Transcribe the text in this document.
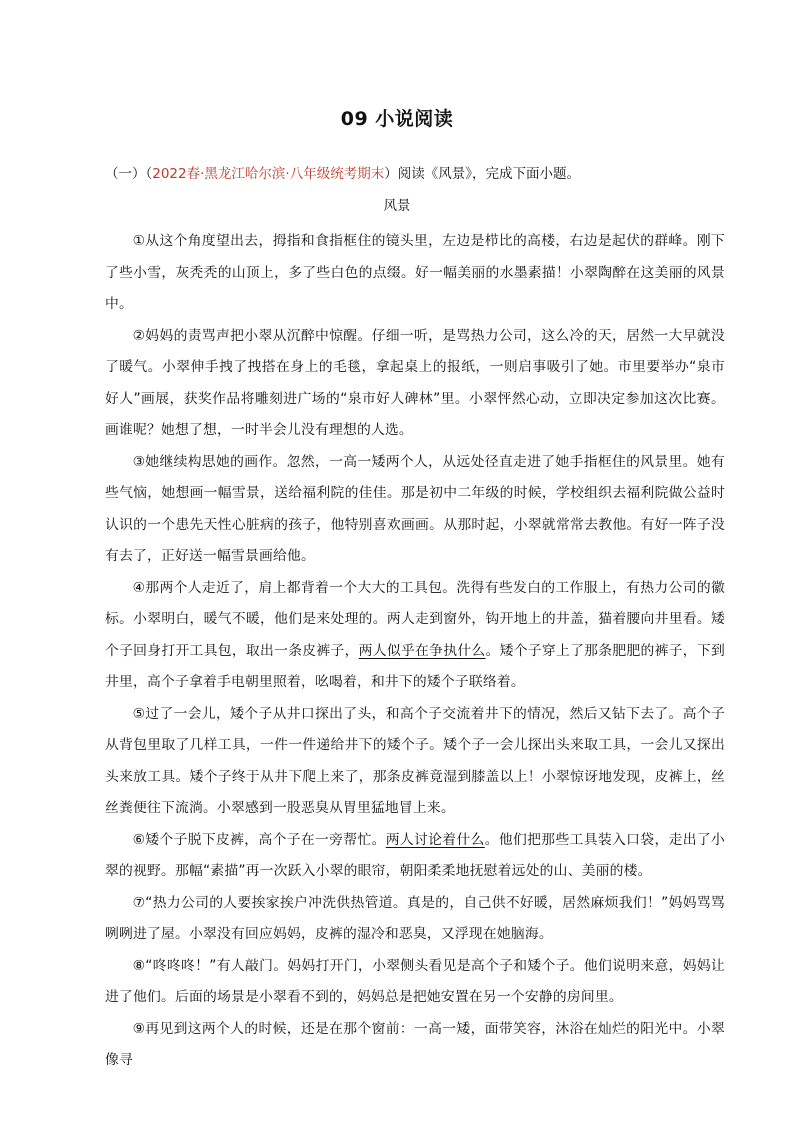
09 小说阅读
（一）（2022春·黑龙江哈尔滨·八年级统考期末）阅读《风景》，完成下面小题。
风景

①从这个角度望出去，拇指和食指框住的镜头里，左边是栉比的高楼，右边是起伏的群峰。刚下了些小雪，灰秃秃的山顶上，多了些白色的点缀。好一幅美丽的水墨素描！小翠陶醉在这美丽的风景中。

②妈妈的责骂声把小翠从沉醉中惊醒。仔细一听，是骂热力公司，这么冷的天，居然一大早就没了暖气。小翠伸手拽了拽搭在身上的毛毯，拿起桌上的报纸，一则启事吸引了她。市里要举办“泉市好人”画展，获奖作品将雕刻进广场的“泉市好人碑林”里。小翠怦然心动，立即决定参加这次比赛。画谁呢？她想了想，一时半会儿没有理想的人选。

③她继续构思她的画作。忽然，一高一矮两个人，从远处径直走进了她手指框住的风景里。她有些气恼，她想画一幅雪景，送给福利院的佳佳。那是初中二年级的时候，学校组织去福利院做公益时认识的一个患先天性心脏病的孩子，他特别喜欢画画。从那时起，小翠就常常去教他。有好一阵子没有去了，正好送一幅雪景画给他。

④那两个人走近了，肩上都背着一个大大的工具包。洗得有些发白的工作服上，有热力公司的徽标。小翠明白，暖气不暖，他们是来处理的。两人走到窗外，钩开地上的井盖，猫着腰向井里看。矮个子回身打开工具包，取出一条皮裤子，两人似乎在争执什么。矮个子穿上了那条肥肥的裤子，下到井里，高个子拿着手电朝里照着，吆喝着，和井下的矮个子联络着。

⑤过了一会儿，矮个子从井口探出了头，和高个子交流着井下的情况，然后又钻下去了。高个子从背包里取了几样工具，一件一件递给井下的矮个子。矮个子一会儿探出头来取工具，一会儿又探出头来放工具。矮个子终于从井下爬上来了，那条皮裤竟湿到膝盖以上！小翠惊讶地发现，皮裤上，丝丝粪便往下流淌。小翠感到一股恶臭从胃里猛地冒上来。

⑥矮个子脱下皮裤，高个子在一旁帮忙。两人讨论着什么。他们把那些工具装入口袋，走出了小翠的视野。那幅“素描”再一次跃入小翠的眼帘，朝阳柔柔地抚慰着远处的山、美丽的楼。

⑦“热力公司的人要挨家挨户冲洗供热管道。真是的，自己供不好暖，居然麻烦我们！”妈妈骂骂咧咧进了屋。小翠没有回应妈妈，皮裤的湿冷和恶臭，又浮现在她脑海。

⑧“咚咚咚！”有人敲门。妈妈打开门，小翠侧头看见是高个子和矮个子。他们说明来意，妈妈让进了他们。后面的场景是小翠看不到的，妈妈总是把她安置在另一个安静的房间里。

⑨再见到这两个人的时候，还是在那个窗前：一高一矮，面带笑容，沐浴在灿烂的阳光中。小翠像寻
